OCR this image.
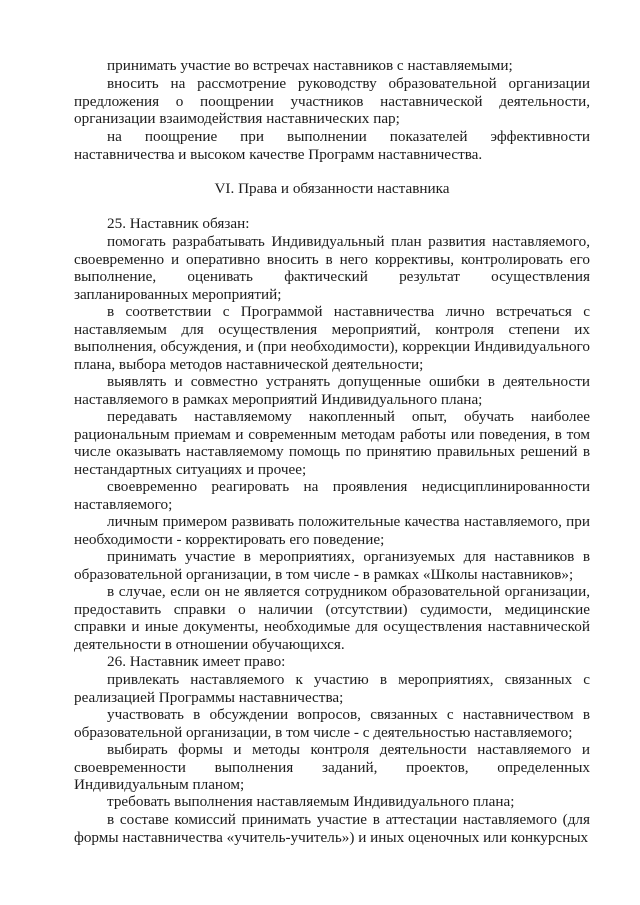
принимать участие во встречах наставников с наставляемыми;

вносить на рассмотрение руководству образовательной организации предложения о поощрении участников наставнической деятельности, организации взаимодействия наставнических пар;

на поощрение при выполнении показателей эффективности наставничества и высоком качестве Программ наставничества.

VI. Права и обязанности наставника

25. Наставник обязан:

помогать разрабатывать Индивидуальный план развития наставляемого, своевременно и оперативно вносить в него коррективы, контролировать его выполнение, оценивать фактический результат осуществления запланированных мероприятий;

в соответствии с Программой наставничества лично встречаться с наставляемым для осуществления мероприятий, контроля степени их выполнения, обсуждения, и (при необходимости), коррекции Индивидуального плана, выбора методов наставнической деятельности;

выявлять и совместно устранять допущенные ошибки в деятельности наставляемого в рамках мероприятий Индивидуального плана;

передавать наставляемому накопленный опыт, обучать наиболее рациональным приемам и современным методам работы или поведения, в том числе оказывать наставляемому помощь по принятию правильных решений в нестандартных ситуациях и прочее;

своевременно реагировать на проявления недисциплинированности наставляемого;

личным примером развивать положительные качества наставляемого, при необходимости - корректировать его поведение;

принимать участие в мероприятиях, организуемых для наставников в образовательной организации, в том числе - в рамках «Школы наставников»;

в случае, если он не является сотрудником образовательной организации, предоставить справки о наличии (отсутствии) судимости, медицинские справки и иные документы, необходимые для осуществления наставнической деятельности в отношении обучающихся.

26. Наставник имеет право:

привлекать наставляемого к участию в мероприятиях, связанных с реализацией Программы наставничества;

участвовать в обсуждении вопросов, связанных с наставничеством в образовательной организации, в том числе - с деятельностью наставляемого;

выбирать формы и методы контроля деятельности наставляемого и своевременности выполнения заданий, проектов, определенных Индивидуальным планом;

требовать выполнения наставляемым Индивидуального плана;

в составе комиссий принимать участие в аттестации наставляемого (для формы наставничества «учитель-учитель») и иных оценочных или конкурсных
